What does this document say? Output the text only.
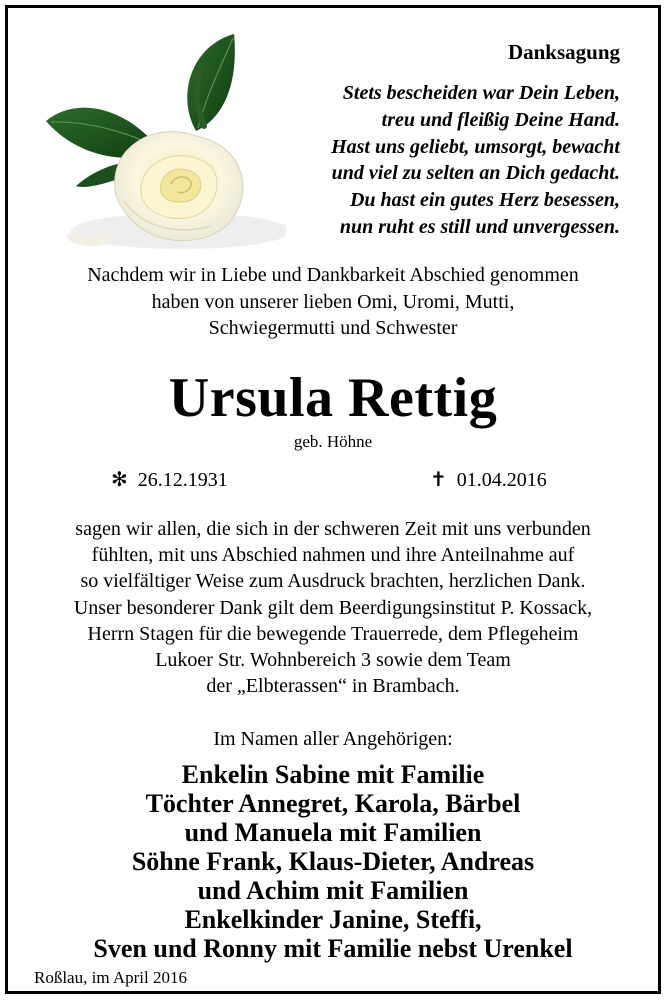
Danksagung
Stets bescheiden war Dein Leben,
treu und fleißig Deine Hand.
Hast uns geliebt, umsorgt, bewacht
und viel zu selten an Dich gedacht.
Du hast ein gutes Herz besessen,
nun ruht es still und unvergessen.
Nachdem wir in Liebe und Dankbarkeit Abschied genommen
haben von unserer lieben Omi, Uromi, Mutti,
Schwiegermutti und Schwester
Ursula Rettig
geb. Höhne
✻ 26.12.1931	✝ 01.04.2016
sagen wir allen, die sich in der schweren Zeit mit uns verbunden
fühlten, mit uns Abschied nahmen und ihre Anteilnahme auf
so vielfältiger Weise zum Ausdruck brachten, herzlichen Dank.
Unser besonderer Dank gilt dem Beerdigungsinstitut P. Kossack,
Herrn Stagen für die bewegende Trauerrede, dem Pflegeheim
Lukoer Str. Wohnbereich 3 sowie dem Team
der „Elbterassen“ in Brambach.
Im Namen aller Angehörigen:
Enkelin Sabine mit Familie
Töchter Annegret, Karola, Bärbel
und Manuela mit Familien
Söhne Frank, Klaus-Dieter, Andreas
und Achim mit Familien
Enkelkinder Janine, Steffi,
Sven und Ronny mit Familie nebst Urenkel
Roßlau, im April 2016
